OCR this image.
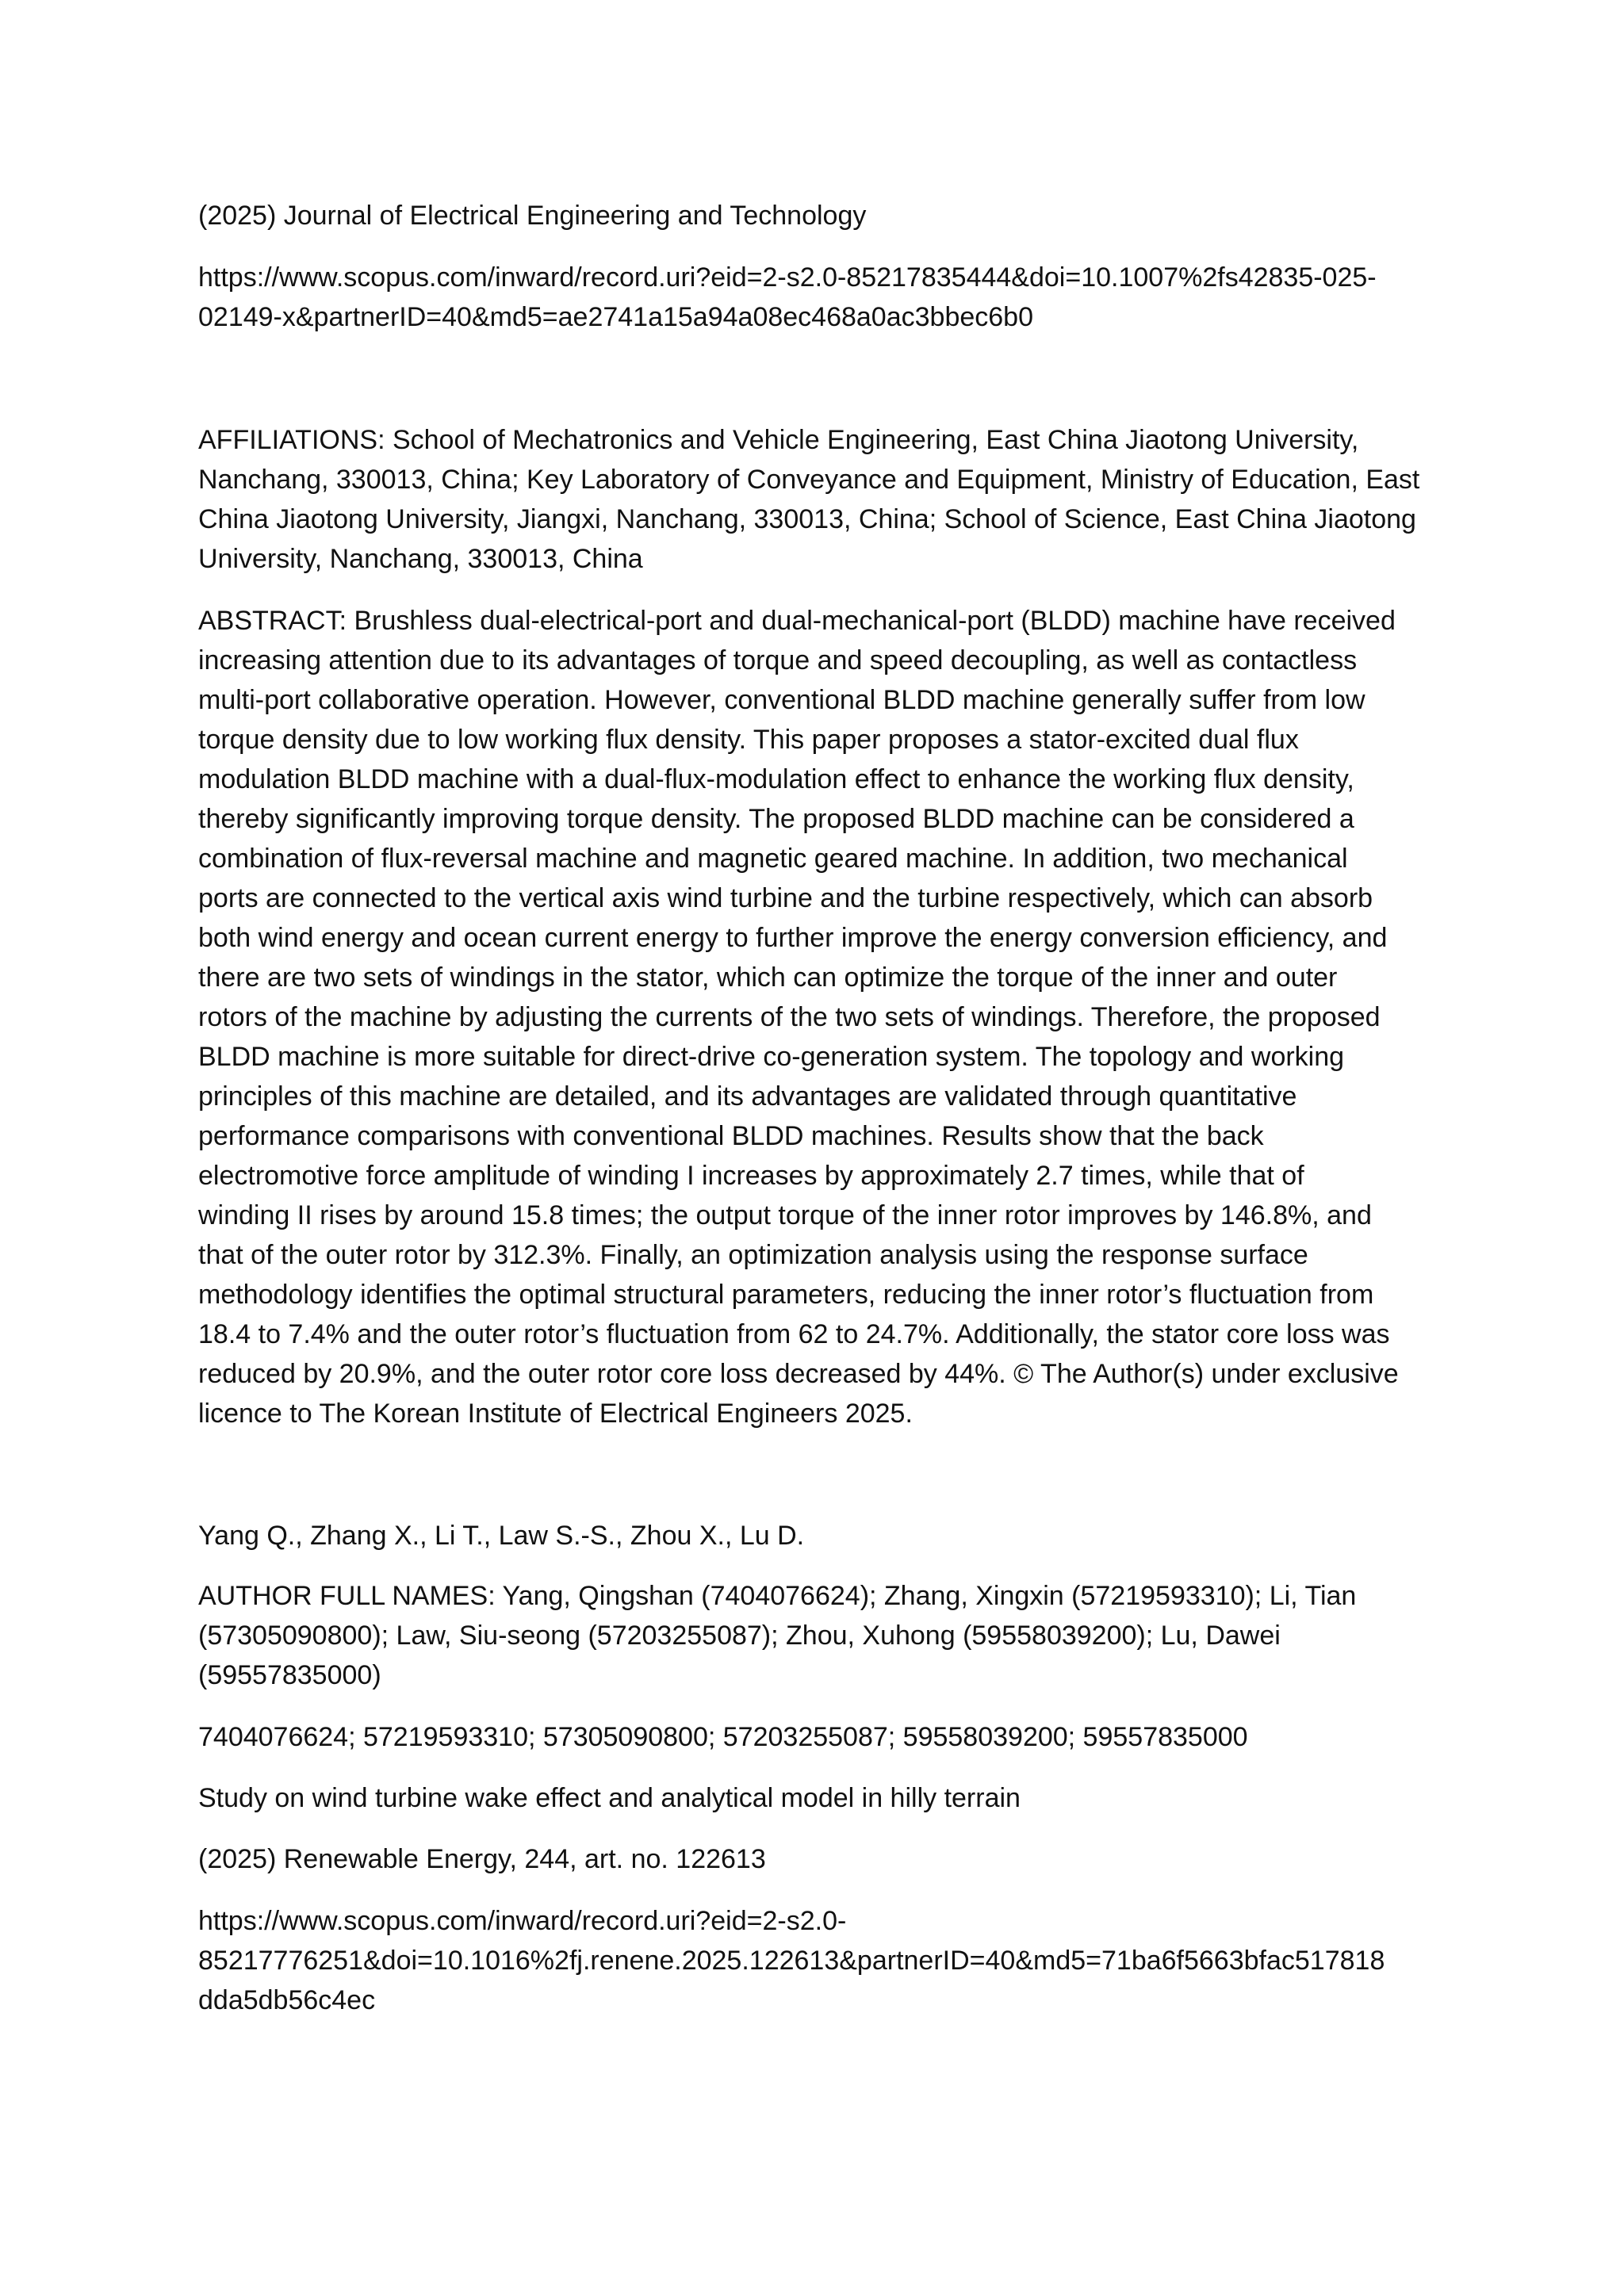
(2025) Journal of Electrical Engineering and Technology
https://www.scopus.com/inward/record.uri?eid=2-s2.0-85217835444&doi=10.1007%2fs42835-025-
02149-x&partnerID=40&md5=ae2741a15a94a08ec468a0ac3bbec6b0
AFFILIATIONS: School of Mechatronics and Vehicle Engineering, East China Jiaotong University,
Nanchang, 330013, China; Key Laboratory of Conveyance and Equipment, Ministry of Education, East
China Jiaotong University, Jiangxi, Nanchang, 330013, China; School of Science, East China Jiaotong
University, Nanchang, 330013, China
ABSTRACT: Brushless dual-electrical-port and dual-mechanical-port (BLDD) machine have received
increasing attention due to its advantages of torque and speed decoupling, as well as contactless
multi-port collaborative operation. However, conventional BLDD machine generally suffer from low
torque density due to low working flux density. This paper proposes a stator-excited dual flux
modulation BLDD machine with a dual-flux-modulation effect to enhance the working flux density,
thereby significantly improving torque density. The proposed BLDD machine can be considered a
combination of flux-reversal machine and magnetic geared machine. In addition, two mechanical
ports are connected to the vertical axis wind turbine and the turbine respectively, which can absorb
both wind energy and ocean current energy to further improve the energy conversion efficiency, and
there are two sets of windings in the stator, which can optimize the torque of the inner and outer
rotors of the machine by adjusting the currents of the two sets of windings. Therefore, the proposed
BLDD machine is more suitable for direct-drive co-generation system. The topology and working
principles of this machine are detailed, and its advantages are validated through quantitative
performance comparisons with conventional BLDD machines. Results show that the back
electromotive force amplitude of winding I increases by approximately 2.7 times, while that of
winding II rises by around 15.8 times; the output torque of the inner rotor improves by 146.8%, and
that of the outer rotor by 312.3%. Finally, an optimization analysis using the response surface
methodology identifies the optimal structural parameters, reducing the inner rotor’s fluctuation from
18.4 to 7.4% and the outer rotor’s fluctuation from 62 to 24.7%. Additionally, the stator core loss was
reduced by 20.9%, and the outer rotor core loss decreased by 44%. © The Author(s) under exclusive
licence to The Korean Institute of Electrical Engineers 2025.
Yang Q., Zhang X., Li T., Law S.-S., Zhou X., Lu D.
AUTHOR FULL NAMES: Yang, Qingshan (7404076624); Zhang, Xingxin (57219593310); Li, Tian
(57305090800); Law, Siu-seong (57203255087); Zhou, Xuhong (59558039200); Lu, Dawei
(59557835000)
7404076624; 57219593310; 57305090800; 57203255087; 59558039200; 59557835000
Study on wind turbine wake effect and analytical model in hilly terrain
(2025) Renewable Energy, 244, art. no. 122613
https://www.scopus.com/inward/record.uri?eid=2-s2.0-
85217776251&doi=10.1016%2fj.renene.2025.122613&partnerID=40&md5=71ba6f5663bfac517818
dda5db56c4ec
